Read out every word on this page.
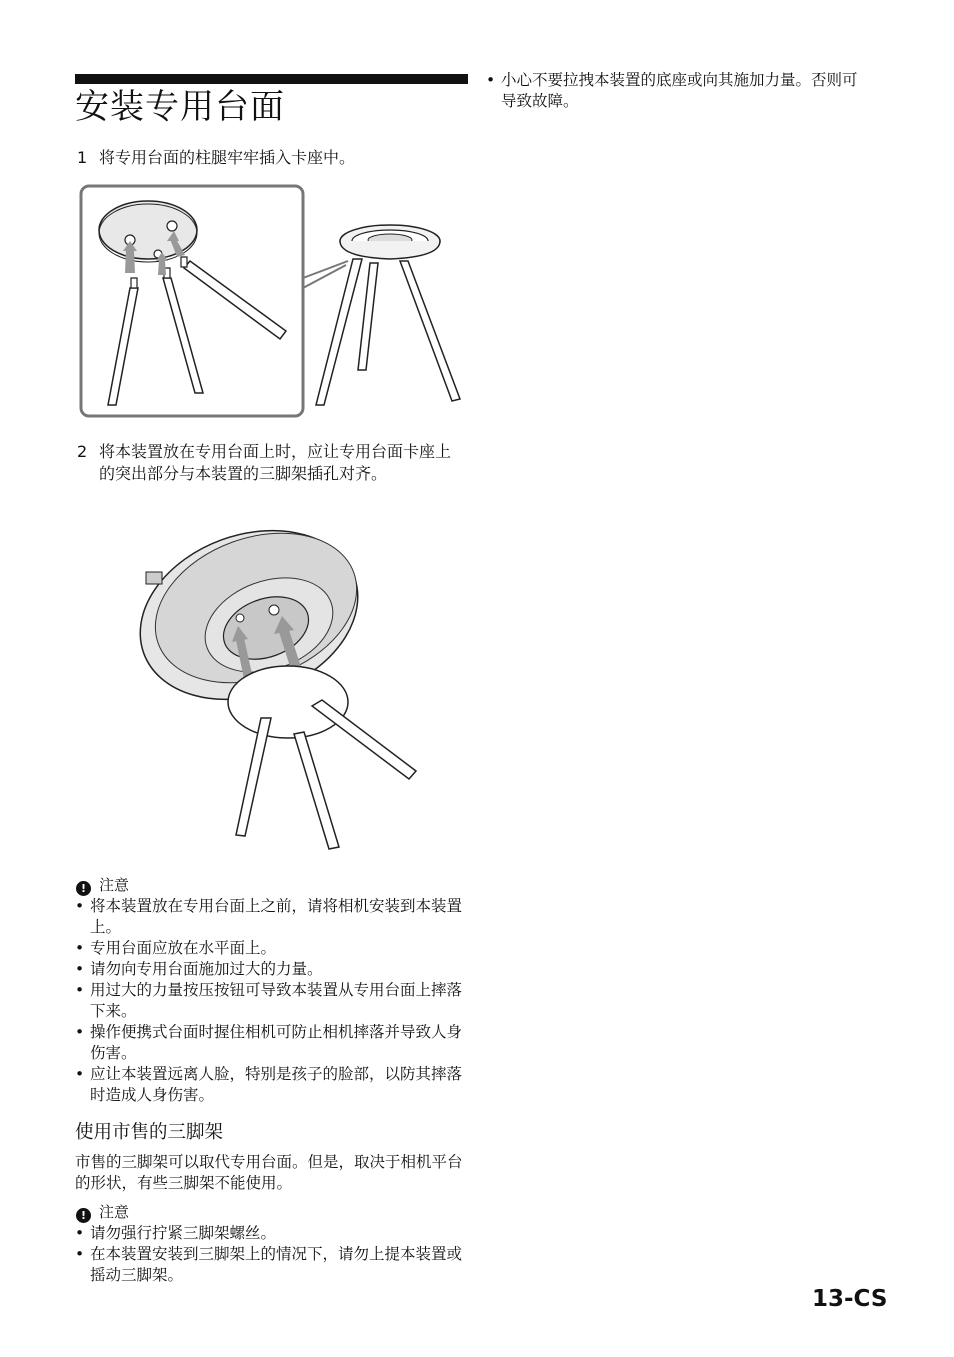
安装专用台面
1 将专用台面的柱腿牢牢插入卡座中。
2 将本装置放在专用台面上时，应让专用台面卡座上的突出部分与本装置的三脚架插孔对齐。
! 注意
• 将本装置放在专用台面上之前，请将相机安装到本装置上。
• 专用台面应放在水平面上。
• 请勿向专用台面施加过大的力量。
• 用过大的力量按压按钮可导致本装置从专用台面上摔落下来。
• 操作便携式台面时握住相机可防止相机摔落并导致人身伤害。
• 应让本装置远离人脸，特别是孩子的脸部，以防其摔落时造成人身伤害。
使用市售的三脚架
市售的三脚架可以取代专用台面。但是，取决于相机平台的形状，有些三脚架不能使用。
! 注意
• 请勿强行拧紧三脚架螺丝。
• 在本装置安装到三脚架上的情况下，请勿上提本装置或摇动三脚架。
• 小心不要拉拽本装置的底座或向其施加力量。否则可导致故障。
13-CS
